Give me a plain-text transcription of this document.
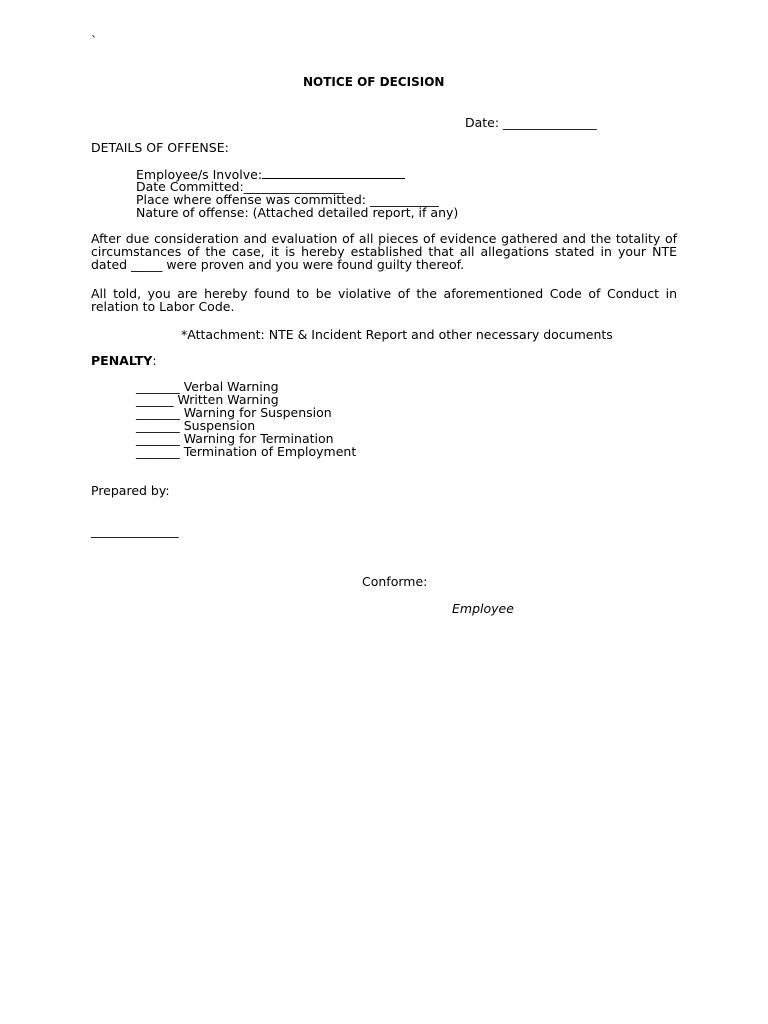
`
NOTICE OF DECISION
Date: _______________
DETAILS OF OFFENSE:
Employee/s Involve:
Date Committed:________________
Place where offense was committed: ___________
Nature of offense: (Attached detailed report, if any)
After due consideration and evaluation of all pieces of evidence gathered and the totality of circumstances of the case, it is hereby established that all allegations stated in your NTE dated _____ were proven and you were found guilty thereof.
All told, you are hereby found to be violative of the aforementioned Code of Conduct in relation to Labor Code.
*Attachment: NTE & Incident Report and other necessary documents
PENALTY:
_______ Verbal Warning
______ Written Warning
_______ Warning for Suspension
_______ Suspension
_______ Warning for Termination
_______ Termination of Employment
Prepared by:
______________
Conforme:
Employee
